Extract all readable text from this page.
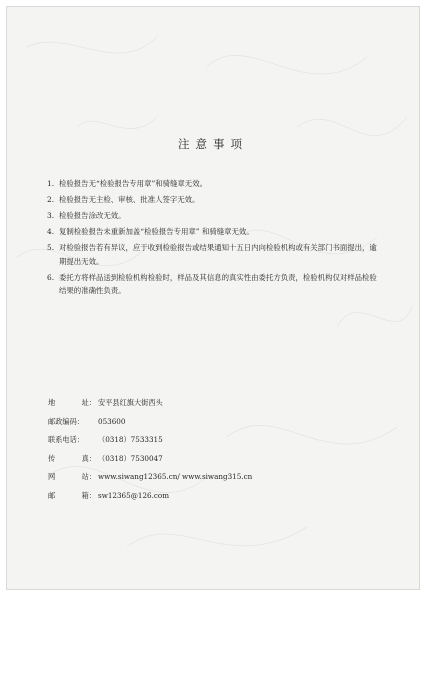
注意事项
1. 检验报告无“检验报告专用章”和骑缝章无效。
2. 检验报告无主检、审核、批准人签字无效。
3. 检验报告涂改无效。
4. 复制检验报告未重新加盖“检验报告专用章” 和骑缝章无效。
5. 对检验报告若有异议，应于收到检验报告或结果通知十五日内向检验机构或有关部门书面提出，逾期提出无效。
6. 委托方将样品送到检验机构检验时，样品及其信息的真实性由委托方负责，检验机构仅对样品检验结果的准确性负责。
地	址： 安平县红旗大街西头
邮政编码：	053600
联系电话：	（0318）7533315
传	真： （0318）7530047
网	站： www.siwang12365.cn/ www.siwang315.cn
邮	箱： sw12365@126.com
